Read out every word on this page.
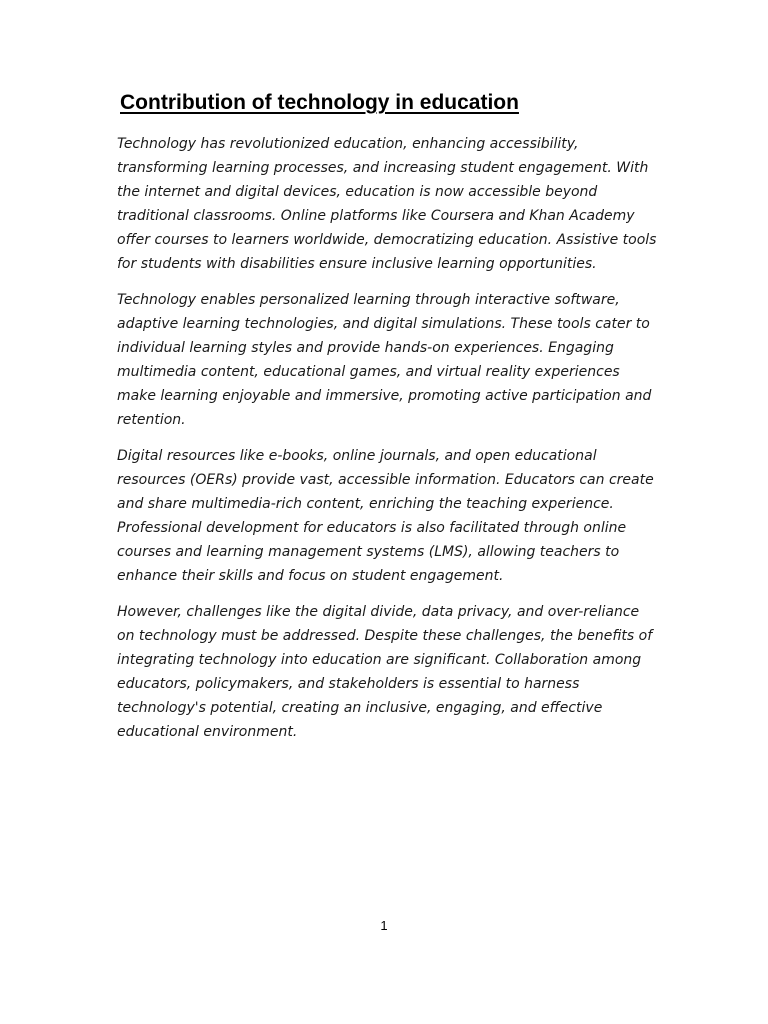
Contribution of technology in education

Technology has revolutionized education, enhancing accessibility, transforming learning processes, and increasing student engagement. With the internet and digital devices, education is now accessible beyond traditional classrooms. Online platforms like Coursera and Khan Academy offer courses to learners worldwide, democratizing education. Assistive tools for students with disabilities ensure inclusive learning opportunities.

Technology enables personalized learning through interactive software, adaptive learning technologies, and digital simulations. These tools cater to individual learning styles and provide hands-on experiences. Engaging multimedia content, educational games, and virtual reality experiences make learning enjoyable and immersive, promoting active participation and retention.

Digital resources like e-books, online journals, and open educational resources (OERs) provide vast, accessible information. Educators can create and share multimedia-rich content, enriching the teaching experience. Professional development for educators is also facilitated through online courses and learning management systems (LMS), allowing teachers to enhance their skills and focus on student engagement.

However, challenges like the digital divide, data privacy, and over-reliance on technology must be addressed. Despite these challenges, the benefits of integrating technology into education are significant. Collaboration among educators, policymakers, and stakeholders is essential to harness technology's potential, creating an inclusive, engaging, and effective educational environment.

1
